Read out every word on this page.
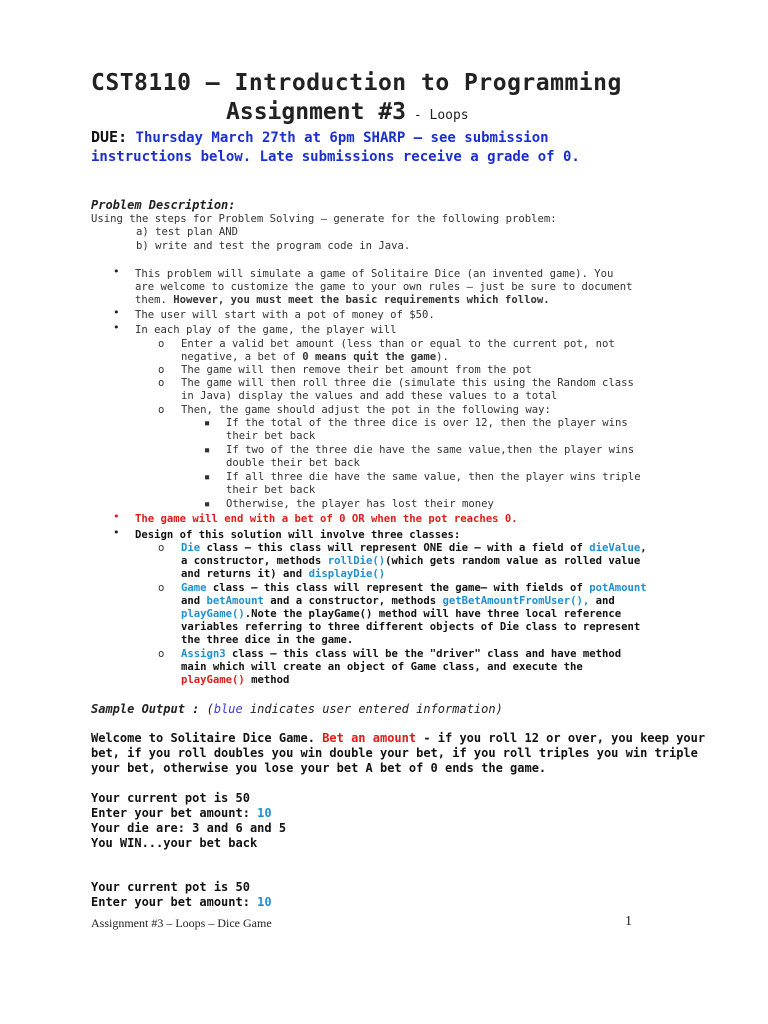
CST8110 – Introduction to Programming
Assignment #3 - Loops
DUE: Thursday March 27th at 6pm SHARP – see submission
instructions below. Late submissions receive a grade of 0.
Problem Description:
Using the steps for Problem Solving – generate for the following problem:
a) test plan AND
b) write and test the program code in Java.
• This problem will simulate a game of Solitaire Dice (an invented game). You
are welcome to customize the game to your own rules – just be sure to document
them. However, you must meet the basic requirements which follow.
• The user will start with a pot of money of $50.
• In each play of the game, the player will
o Enter a valid bet amount (less than or equal to the current pot, not
negative, a bet of 0 means quit the game).
o The game will then remove their bet amount from the pot
o The game will then roll three die (simulate this using the Random class
in Java) display the values and add these values to a total
o Then, the game should adjust the pot in the following way:
▪ If the total of the three dice is over 12, then the player wins
their bet back
▪ If two of the three die have the same value,then the player wins
double their bet back
▪ If all three die have the same value, then the player wins triple
their bet back
▪ Otherwise, the player has lost their money
• The game will end with a bet of 0 OR when the pot reaches 0.
• Design of this solution will involve three classes:
o Die class – this class will represent ONE die – with a field of dieValue,
a constructor, methods rollDie()(which gets random value as rolled value
and returns it) and displayDie()
o Game class – this class will represent the game– with fields of potAmount
and betAmount and a constructor, methods getBetAmountFromUser(), and
playGame().Note the playGame() method will have three local reference
variables referring to three different objects of Die class to represent
the three dice in the game.
o Assign3 class – this class will be the "driver" class and have method
main which will create an object of Game class, and execute the
playGame() method
Sample Output : (blue indicates user entered information)
Welcome to Solitaire Dice Game. Bet an amount - if you roll 12 or over, you keep your
bet, if you roll doubles you win double your bet, if you roll triples you win triple
your bet, otherwise you lose your bet A bet of 0 ends the game.
Your current pot is 50
Enter your bet amount: 10
Your die are: 3 and 6 and 5
You WIN...your bet back
Your current pot is 50
Enter your bet amount: 10
Assignment #3 – Loops – Dice Game	1
